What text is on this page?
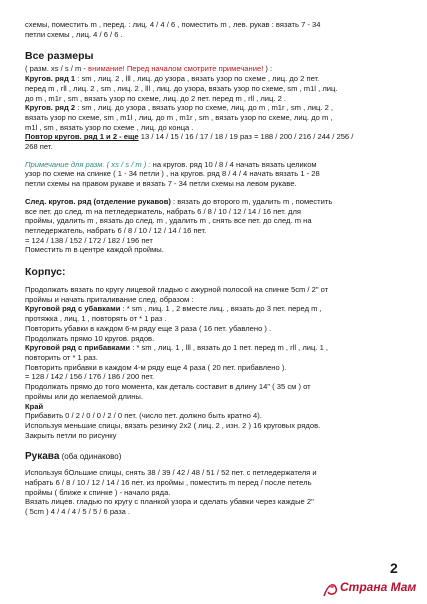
схемы, поместить m , перед. : лиц. 4 / 4 / 6 , поместить m , лев. рукав : вязать 7 - 34

петли схемы , лиц. 4 / 6 / 6 .

Все размеры

( разм. xs / s / m - внимание! Перед началом смотрите примечание! ) :

Кругов. ряд 1 : sm , лиц. 2 , lll , лиц. до узора , вязать узор по схеме , лиц. до 2 пет.

перед m , rll , лиц. 2 , sm , лиц. 2 , lll , лиц. до узора, вязать узор по схеме, sm , m1l , лиц.

до m , m1r , sm , вязать узор по схеме, лиц. до 2 пет. перед m , rll , лиц. 2 .

Кругов. ряд 2 : sm , лиц. до узора , вязать узор по схеме, лиц. до m , m1r , sm , лиц. 2 ,

вязать узор по схеме, sm , m1l , лиц. до m , m1r , sm , вязать узор по схеме, лиц. до m ,

m1l , sm , вязать узор по схеме , лиц. до конца .

Повтор кругов. ряд 1 и 2 - еще 13 / 14 / 15 / 16 / 17 / 18 / 19 раз = 188 / 200 / 216 / 244 / 256 /

268 пет.

Примечание для разм. ( xs / s / m ) : на кругов. ряд 10 / 8 / 4 начать вязать целиком

узор по схеме на спинке ( 1 - 34 петли ) , на кругов. ряд 8 / 4 / 4 начать вязать 1 - 28

петли схемы на правом рукаве и вязать 7 - 34 петли схемы на левом рукаве.

След. кругов. ряд (отделение рукавов) : вязать до второго m, удалить m , поместить

все пет. до след. m на петледержатель, набрать 6 / 8 / 10 / 12 / 14 / 16 пет. для

проймы, удалить m , вязать до след. m , удалить m , снять все пет. до след. m на

петледержатель, набрать 6 / 8 / 10 / 12 / 14 / 16 пет.

= 124 / 138 / 152 / 172 / 182 / 196 пет

Поместить m в центре каждой проймы.

Корпус:

Продолжать вязать по кругу лицевой гладью с ажурной полосой на спинке 5cm / 2" от

проймы и начать приталивание след. образом :

Круговой ряд с убавками : * sm , лиц. 1 , 2 вместе лиц. , вязать до 3 пет. перед m ,

протяжка , лиц. 1 , повторять от * 1 раз .

Повторить убавки в каждом 6-м ряду еще 3 раза ( 16 пет. убавлено ) .

Продолжать прямо 10 кругов. рядов.

Круговой ряд с прибавками : * sm , лиц. 1 , lll , вязать до 1 пет. перед m , rll , лиц. 1 ,

повторить от * 1 раз.

Повторить прибавки в каждом 4-м ряду еще 4 раза ( 20 пет. прибавлено ).

= 128 / 142 / 156 / 176 / 186 / 200 пет.

Продолжать прямо до того момента, как деталь составит в длину 14" ( 35 см ) от

проймы или до желаемой длины.

Край

Прибавить 0 / 2 / 0 / 0 / 2 / 0 пет. (число пет. должно быть кратно 4).

Используя меньшие спицы, вязать резинку 2x2 ( лиц. 2 , изн. 2 ) 16 круговых рядов.

Закрыть петли по рисунку

Рукава (оба одинаково)

Используя бОльшие спицы, снять 38 / 39 / 42 / 48 / 51 / 52 пет. с петледержателя и

набрать 6 / 8 / 10 / 12 / 14 / 16 пет. из проймы , поместить m перед / после петель

проймы ( ближе к спинке ) - начало ряда.

Вязать лицев. гладью по кругу с планкой узора и сделать убавки через каждые 2"

( 5cm ) 4 / 4 / 4 / 5 / 5 / 6 раза .

2
Страна Мам
